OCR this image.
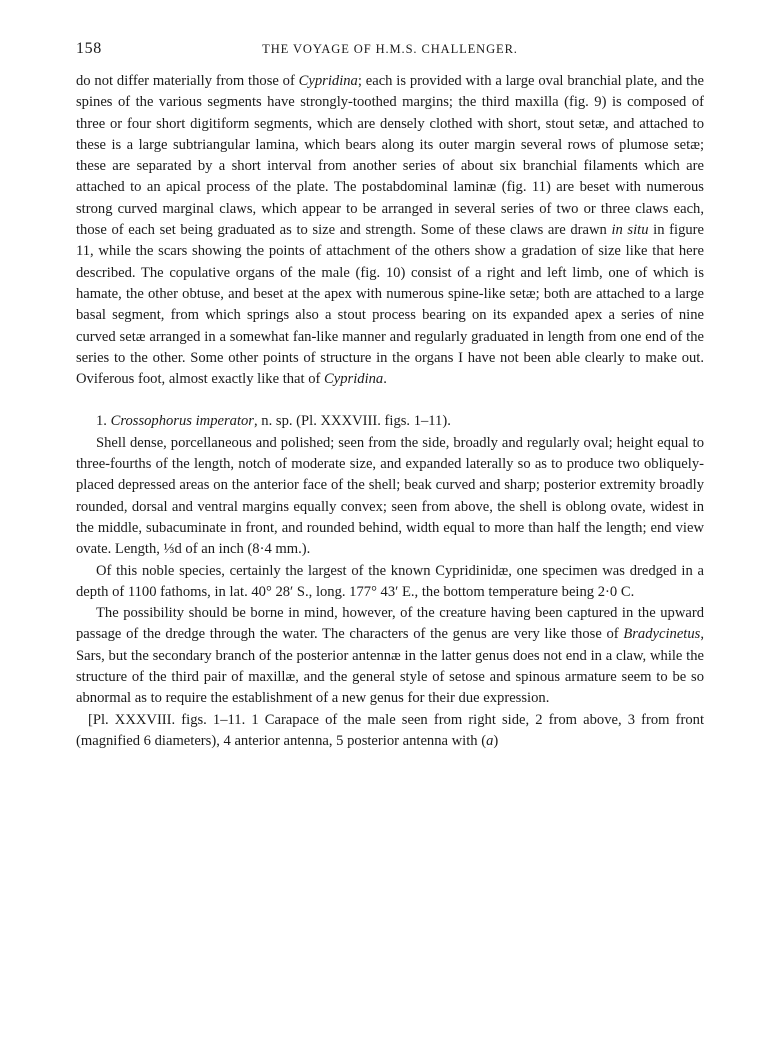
158	THE VOYAGE OF H.M.S. CHALLENGER.

do not differ materially from those of Cypridina; each is provided with a large oval branchial plate, and the spines of the various segments have strongly-toothed margins; the third maxilla (fig. 9) is composed of three or four short digitiform segments, which are densely clothed with short, stout setæ, and attached to these is a large subtriangular lamina, which bears along its outer margin several rows of plumose setæ; these are separated by a short interval from another series of about six branchial filaments which are attached to an apical process of the plate. The postabdominal laminæ (fig. 11) are beset with numerous strong curved marginal claws, which appear to be arranged in several series of two or three claws each, those of each set being graduated as to size and strength. Some of these claws are drawn in situ in figure 11, while the scars showing the points of attachment of the others show a gradation of size like that here described. The copulative organs of the male (fig. 10) consist of a right and left limb, one of which is hamate, the other obtuse, and beset at the apex with numerous spine-like setæ; both are attached to a large basal segment, from which springs also a stout process bearing on its expanded apex a series of nine curved setæ arranged in a somewhat fan-like manner and regularly graduated in length from one end of the series to the other. Some other points of structure in the organs I have not been able clearly to make out. Oviferous foot, almost exactly like that of Cypridina.

1. Crossophorus imperator, n. sp. (Pl. XXXVIII. figs. 1–11).

Shell dense, porcellaneous and polished; seen from the side, broadly and regularly oval; height equal to three-fourths of the length, notch of moderate size, and expanded laterally so as to produce two obliquely-placed depressed areas on the anterior face of the shell; beak curved and sharp; posterior extremity broadly rounded, dorsal and ventral margins equally convex; seen from above, the shell is oblong ovate, widest in the middle, subacuminate in front, and rounded behind, width equal to more than half the length; end view ovate. Length, ⅓d of an inch (8·4 mm.).

Of this noble species, certainly the largest of the known Cypridinidæ, one specimen was dredged in a depth of 1100 fathoms, in lat. 40° 28′ S., long. 177° 43′ E., the bottom temperature being 2·0 C.

The possibility should be borne in mind, however, of the creature having been captured in the upward passage of the dredge through the water. The characters of the genus are very like those of Bradycinetus, Sars, but the secondary branch of the posterior antennæ in the latter genus does not end in a claw, while the structure of the third pair of maxillæ, and the general style of setose and spinous armature seem to be so abnormal as to require the establishment of a new genus for their due expression.

[Pl. XXXVIII. figs. 1–11. 1 Carapace of the male seen from right side, 2 from above, 3 from front (magnified 6 diameters), 4 anterior antenna, 5 posterior antenna with (a)
